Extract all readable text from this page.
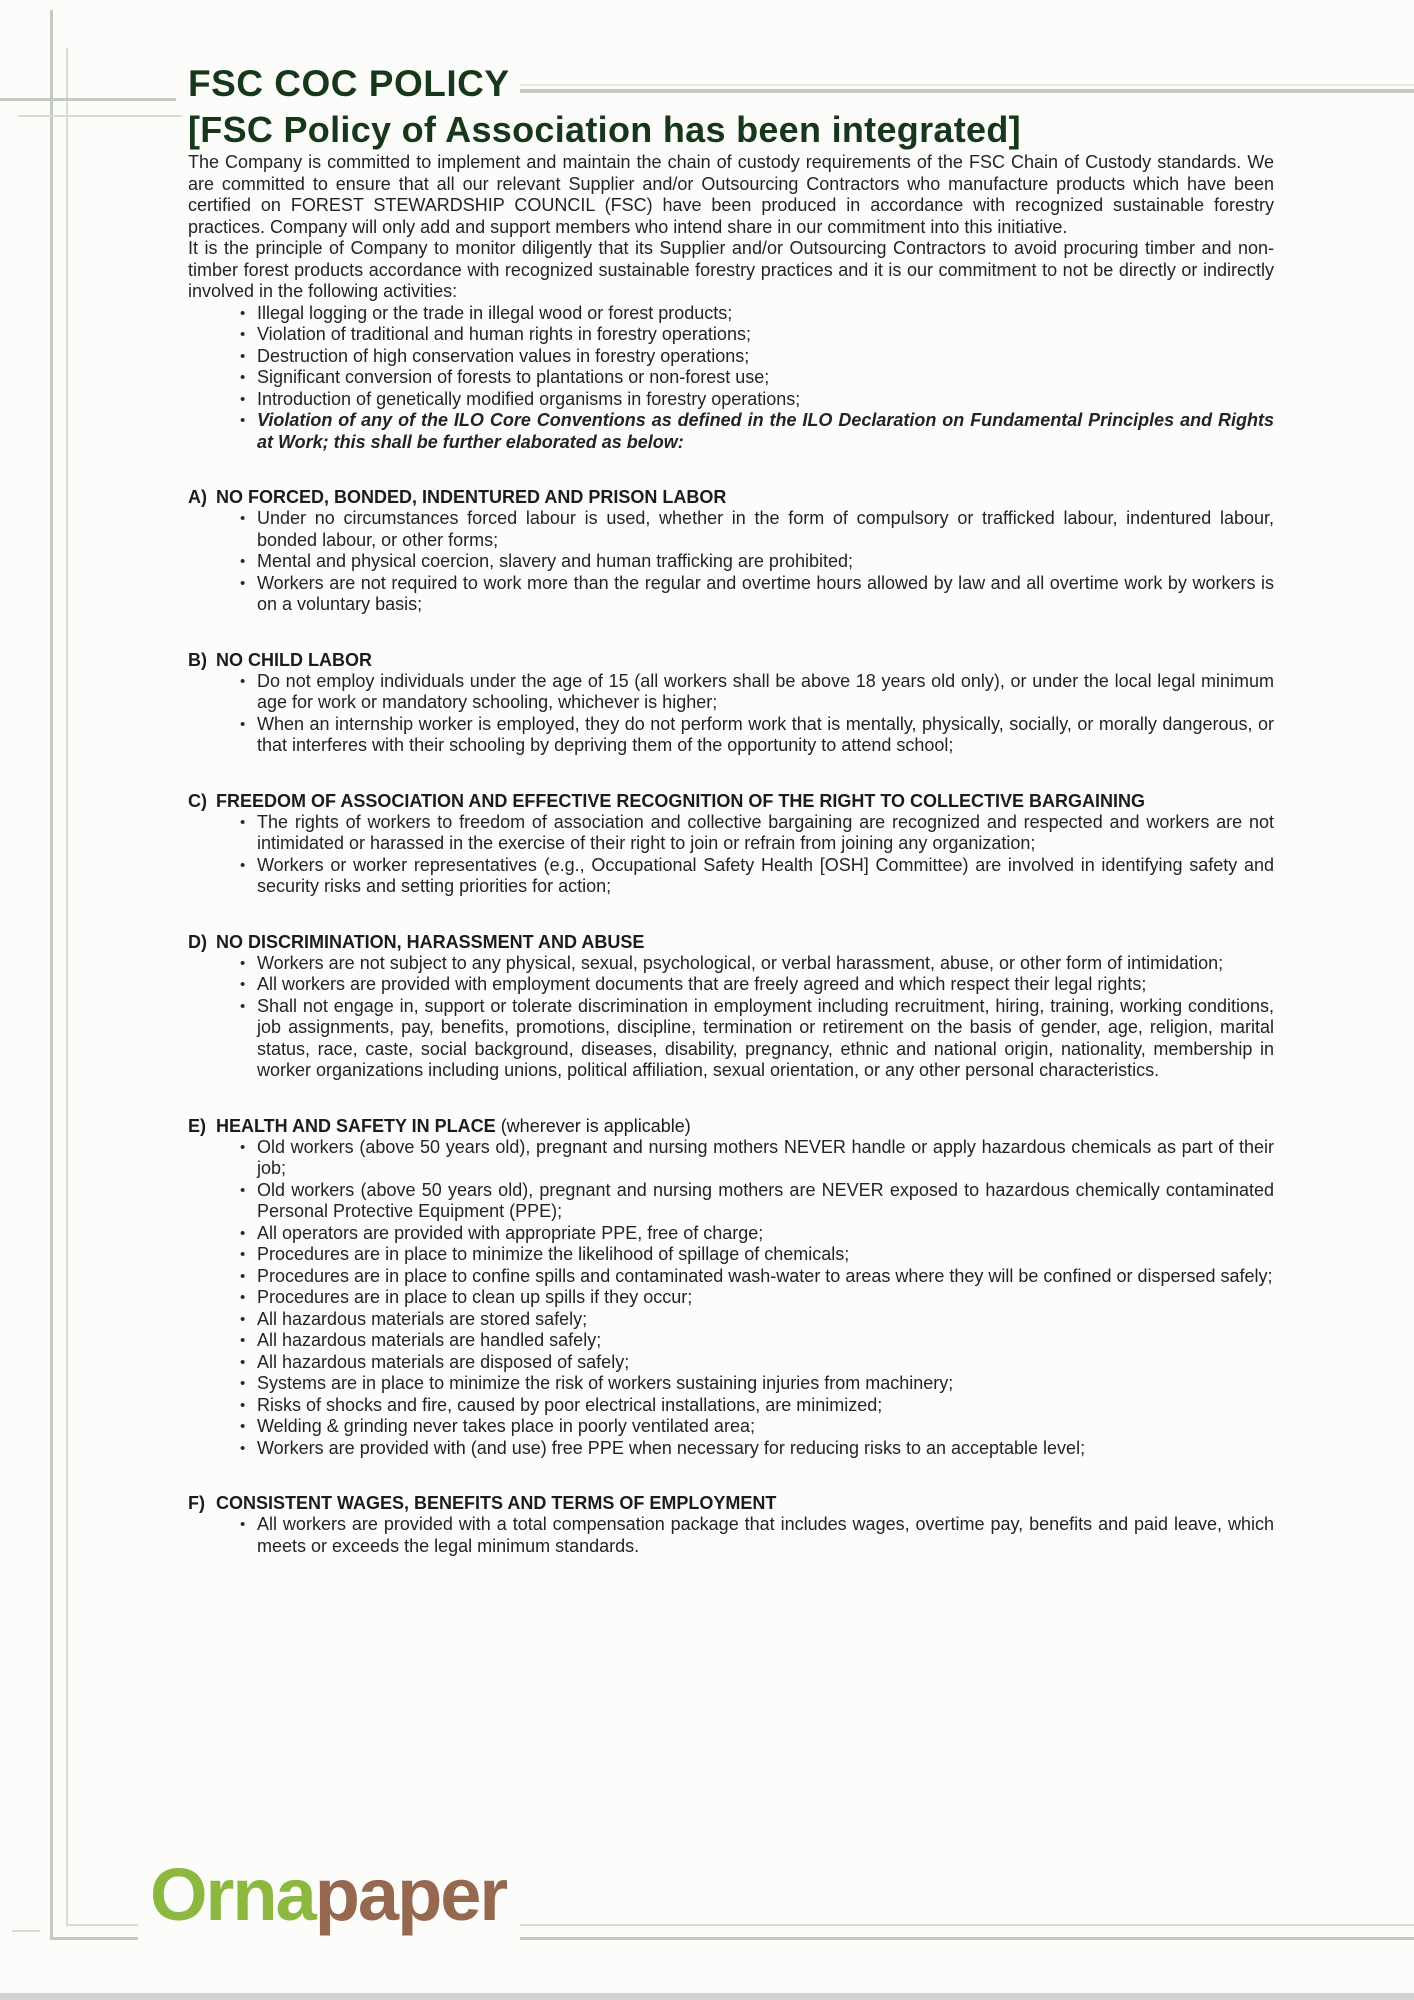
FSC COC POLICY
[FSC Policy of Association has been integrated]

The Company is committed to implement and maintain the chain of custody requirements of the FSC Chain of Custody standards. We are committed to ensure that all our relevant Supplier and/or Outsourcing Contractors who manufacture products which have been certified on FOREST STEWARDSHIP COUNCIL (FSC) have been produced in accordance with recognized sustainable forestry practices. Company will only add and support members who intend share in our commitment into this initiative.

It is the principle of Company to monitor diligently that its Supplier and/or Outsourcing Contractors to avoid procuring timber and non-timber forest products accordance with recognized sustainable forestry practices and it is our commitment to not be directly or indirectly involved in the following activities:

• Illegal logging or the trade in illegal wood or forest products;
• Violation of traditional and human rights in forestry operations;
• Destruction of high conservation values in forestry operations;
• Significant conversion of forests to plantations or non-forest use;
• Introduction of genetically modified organisms in forestry operations;
• Violation of any of the ILO Core Conventions as defined in the ILO Declaration on Fundamental Principles and Rights at Work; this shall be further elaborated as below:
A) NO FORCED, BONDED, INDENTURED AND PRISON LABOR
• Under no circumstances forced labour is used, whether in the form of compulsory or trafficked labour, indentured labour, bonded labour, or other forms;
• Mental and physical coercion, slavery and human trafficking are prohibited;
• Workers are not required to work more than the regular and overtime hours allowed by law and all overtime work by workers is on a voluntary basis;
B) NO CHILD LABOR
• Do not employ individuals under the age of 15 (all workers shall be above 18 years old only), or under the local legal minimum age for work or mandatory schooling, whichever is higher;
• When an internship worker is employed, they do not perform work that is mentally, physically, socially, or morally dangerous, or that interferes with their schooling by depriving them of the opportunity to attend school;
C) FREEDOM OF ASSOCIATION AND EFFECTIVE RECOGNITION OF THE RIGHT TO COLLECTIVE BARGAINING
• The rights of workers to freedom of association and collective bargaining are recognized and respected and workers are not intimidated or harassed in the exercise of their right to join or refrain from joining any organization;
• Workers or worker representatives (e.g., Occupational Safety Health [OSH] Committee) are involved in identifying safety and security risks and setting priorities for action;
D) NO DISCRIMINATION, HARASSMENT AND ABUSE
• Workers are not subject to any physical, sexual, psychological, or verbal harassment, abuse, or other form of intimidation;
• All workers are provided with employment documents that are freely agreed and which respect their legal rights;
• Shall not engage in, support or tolerate discrimination in employment including recruitment, hiring, training, working conditions, job assignments, pay, benefits, promotions, discipline, termination or retirement on the basis of gender, age, religion, marital status, race, caste, social background, diseases, disability, pregnancy, ethnic and national origin, nationality, membership in worker organizations including unions, political affiliation, sexual orientation, or any other personal characteristics.
E) HEALTH AND SAFETY IN PLACE (wherever is applicable)
• Old workers (above 50 years old), pregnant and nursing mothers NEVER handle or apply hazardous chemicals as part of their job;
• Old workers (above 50 years old), pregnant and nursing mothers are NEVER exposed to hazardous chemically contaminated Personal Protective Equipment (PPE);
• All operators are provided with appropriate PPE, free of charge;
• Procedures are in place to minimize the likelihood of spillage of chemicals;
• Procedures are in place to confine spills and contaminated wash-water to areas where they will be confined or dispersed safely;
• Procedures are in place to clean up spills if they occur;
• All hazardous materials are stored safely;
• All hazardous materials are handled safely;
• All hazardous materials are disposed of safely;
• Systems are in place to minimize the risk of workers sustaining injuries from machinery;
• Risks of shocks and fire, caused by poor electrical installations, are minimized;
• Welding & grinding never takes place in poorly ventilated area;
• Workers are provided with (and use) free PPE when necessary for reducing risks to an acceptable level;
F) CONSISTENT WAGES, BENEFITS AND TERMS OF EMPLOYMENT
• All workers are provided with a total compensation package that includes wages, overtime pay, benefits and paid leave, which meets or exceeds the legal minimum standards.
Ornapaper
